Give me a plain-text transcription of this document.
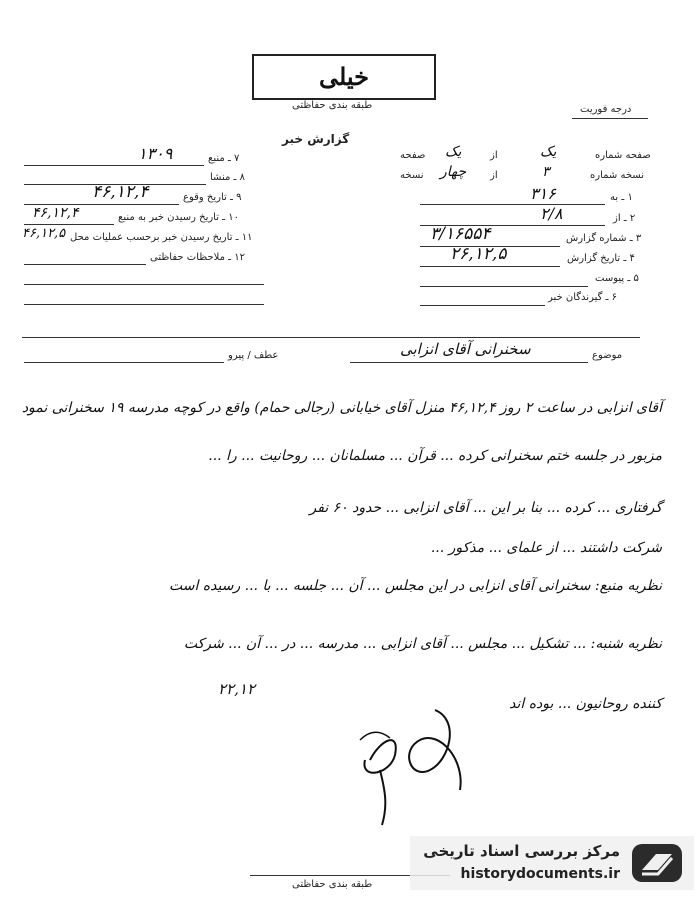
خیلی
طبقه بندی حفاظتی	درجه فوریت
گزارش خبر
صفحه شماره
یک
از
یک
صفحه
نسخه شماره
۳
از
چهار
نسخه
۱ ـ به
۳۱۶
۲ ـ از
۲/۸
۳ ـ شماره گزارش
۳/۱۶۵۵۴
۴ ـ تاریخ گزارش
۲۶,۱۲,۵
۵ ـ پیوست
۶ ـ گیرندگان خبر
۷ ـ منبع
۱۳۰۹
۸ ـ منشا
۹ ـ تاریخ وقوع
۴۶,۱۲,۴
۱۰ ـ تاریخ رسیدن خبر به منبع
۴۶,۱۲,۴
۱۱ ـ تاریخ رسیدن خبر برحسب عملیات محل
۴۶,۱۲,۵
۱۲ ـ ملاحظات حفاظتی
عطف / پیرو	موضوع
سخنرانی آقای انزابی
آقای انزابی در ساعت ۲ روز ۴۶,۱۲,۴ منزل آقای خیابانی (رجالی حمام) واقع در کوچه مدرسه ۱۹ سخنرانی نمود
مزبور در جلسه ختم سخنرانی کرده ... قرآن ... مسلمانان ... روحانیت ... را ...
گرفتاری ... کرده ... بنا بر این ... آقای انزابی ... حدود ۶۰ نفر
شرکت داشتند ... از علمای ... مذکور ...
نظریه منبع: سخنرانی آقای انزابی در این مجلس ... آن ... جلسه ... با ... رسیده است
نظریه شنبه: ... تشکیل ... مجلس ... آقای انزابی ... مدرسه ... در ... آن ... شرکت
کننده روحانیون ... بوده اند
۲۲,۱۲
طبقه بندی حفاظتی
مرکز بررسی اسناد تاریخی
historydocuments.ir
